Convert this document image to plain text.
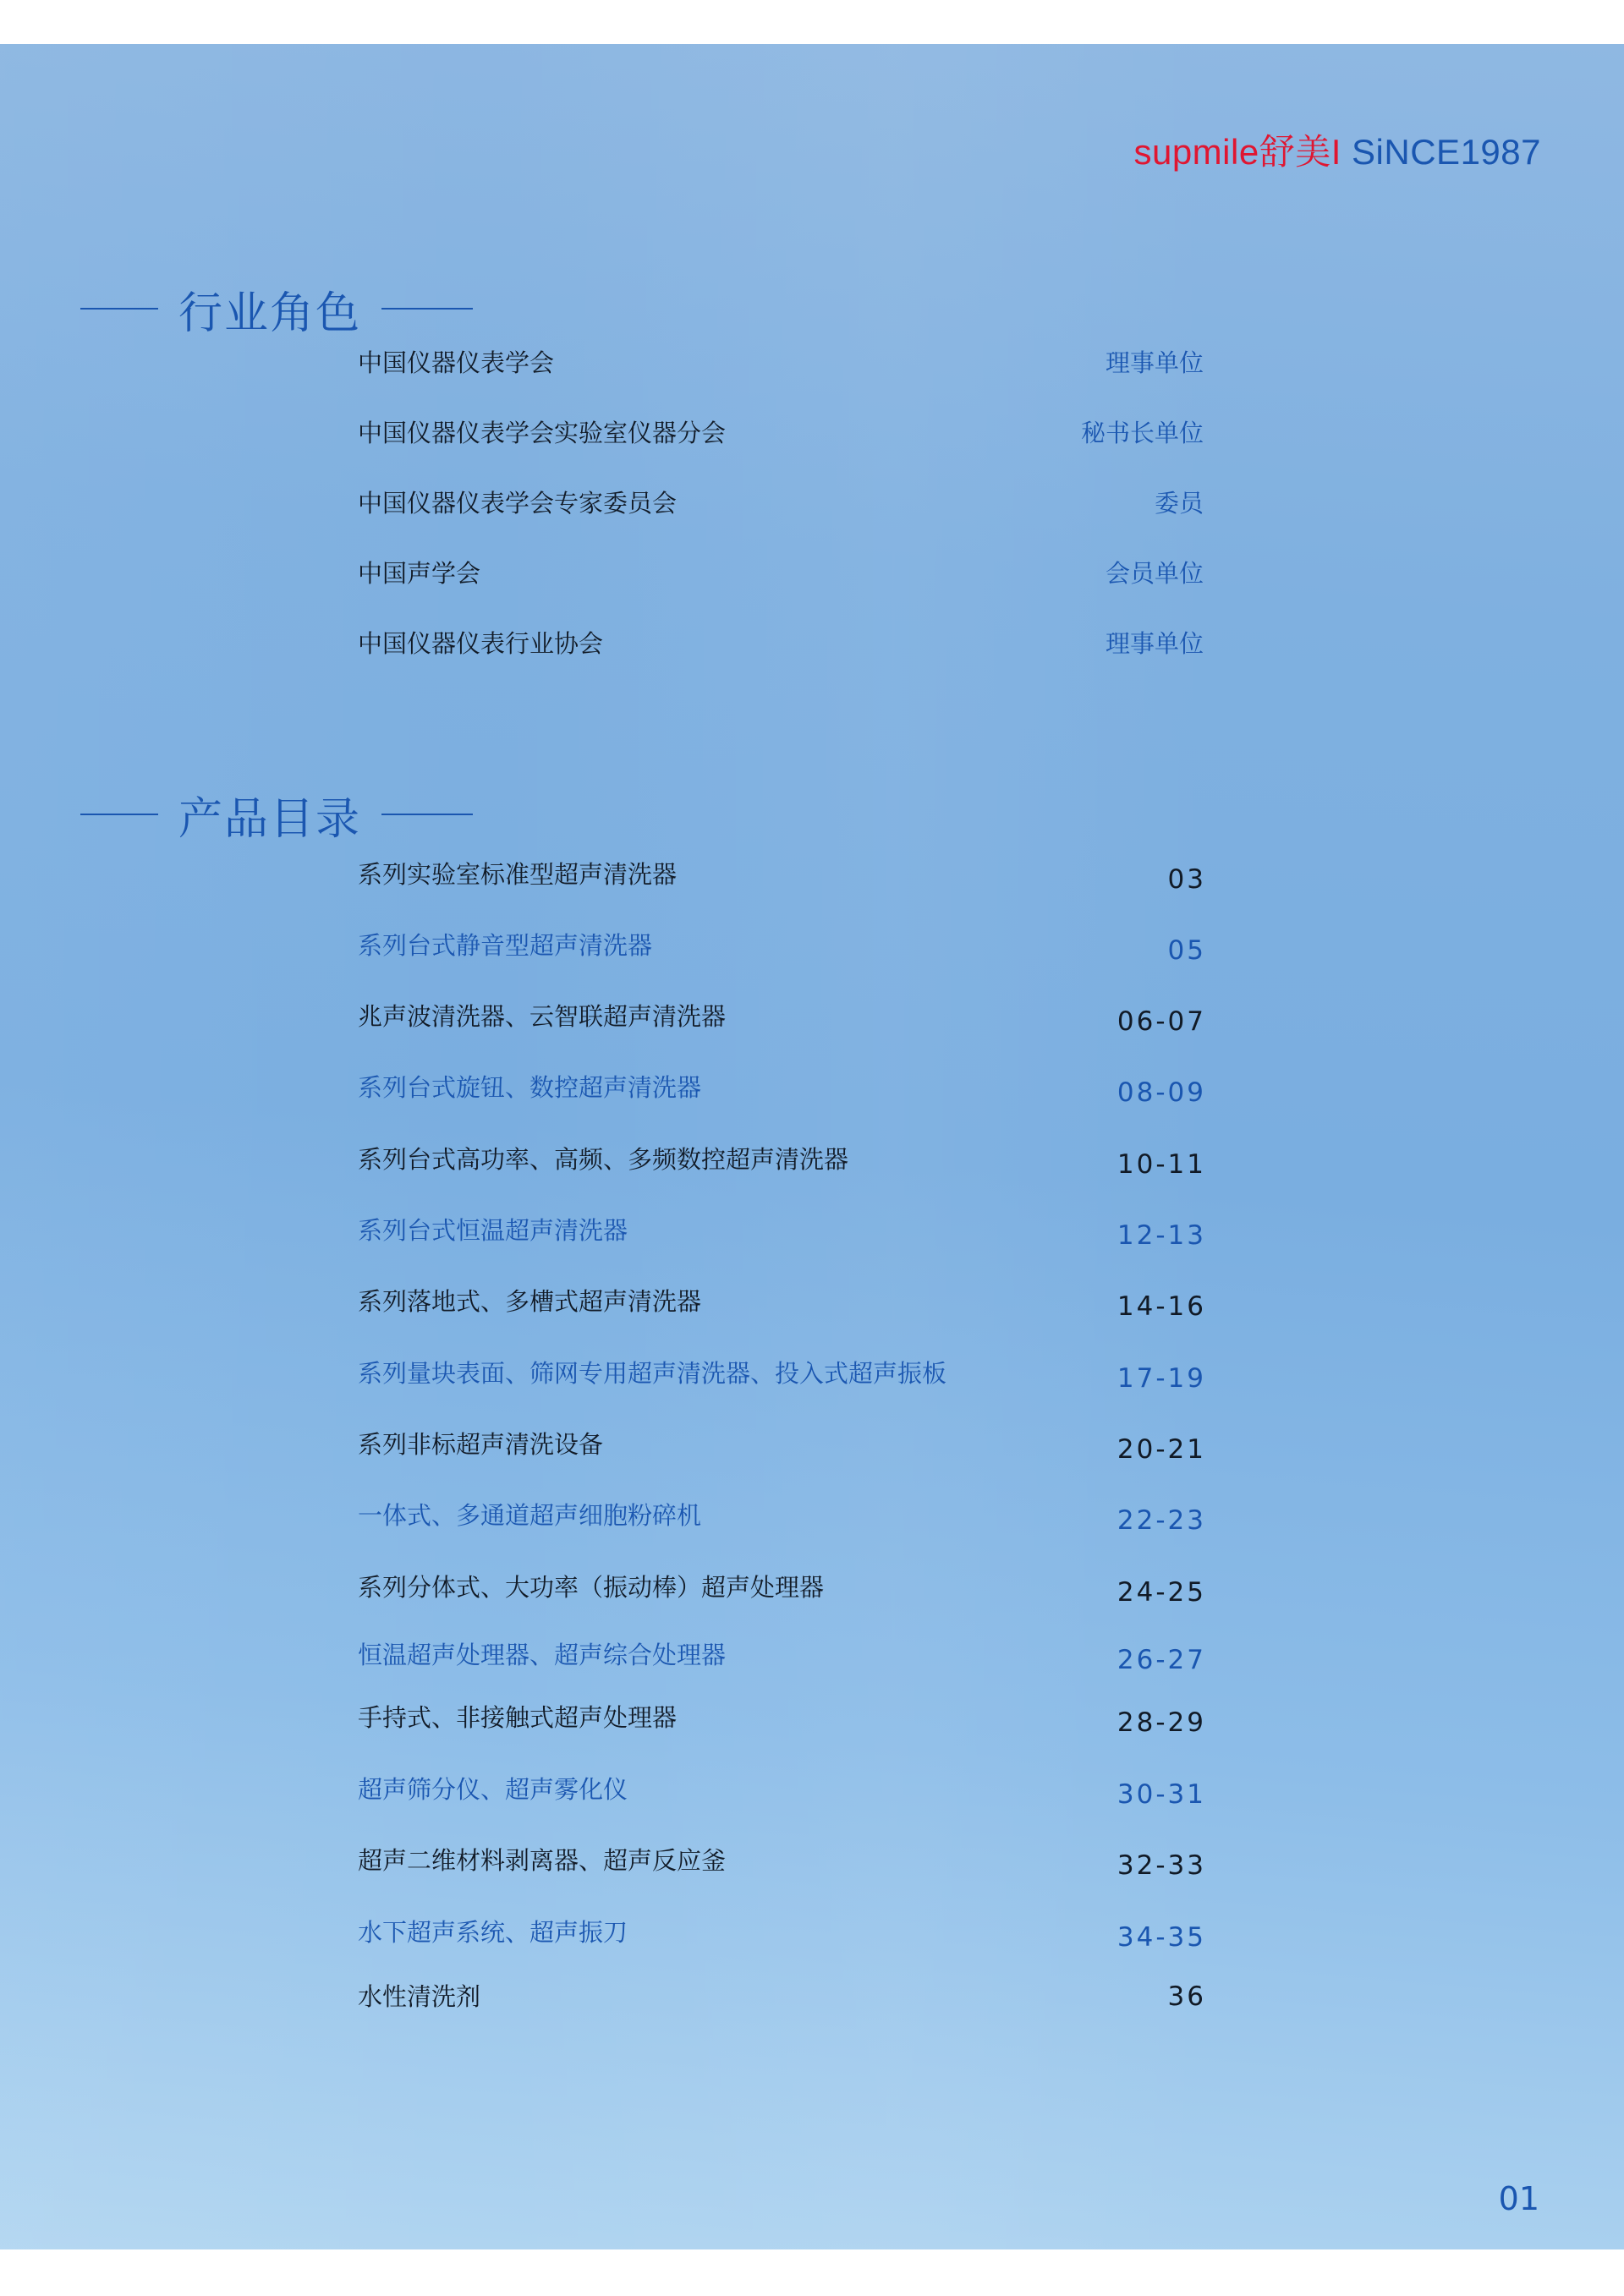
supmile舒美I SiNCE1987
行业角色
中国仪器仪表学会	理事单位
中国仪器仪表学会实验室仪器分会	秘书长单位
中国仪器仪表学会专家委员会	委员
中国声学会	会员单位
中国仪器仪表行业协会	理事单位
产品目录
系列实验室标准型超声清洗器	03
系列台式静音型超声清洗器	05
兆声波清洗器、云智联超声清洗器	06-07
系列台式旋钮、数控超声清洗器	08-09
系列台式高功率、高频、多频数控超声清洗器	10-11
系列台式恒温超声清洗器	12-13
系列落地式、多槽式超声清洗器	14-16
系列量块表面、筛网专用超声清洗器、投入式超声振板	17-19
系列非标超声清洗设备	20-21
一体式、多通道超声细胞粉碎机	22-23
系列分体式、大功率（振动棒）超声处理器	24-25
恒温超声处理器、超声综合处理器	26-27
手持式、非接触式超声处理器	28-29
超声筛分仪、超声雾化仪	30-31
超声二维材料剥离器、超声反应釜	32-33
水下超声系统、超声振刀	34-35
水性清洗剂	36
01
